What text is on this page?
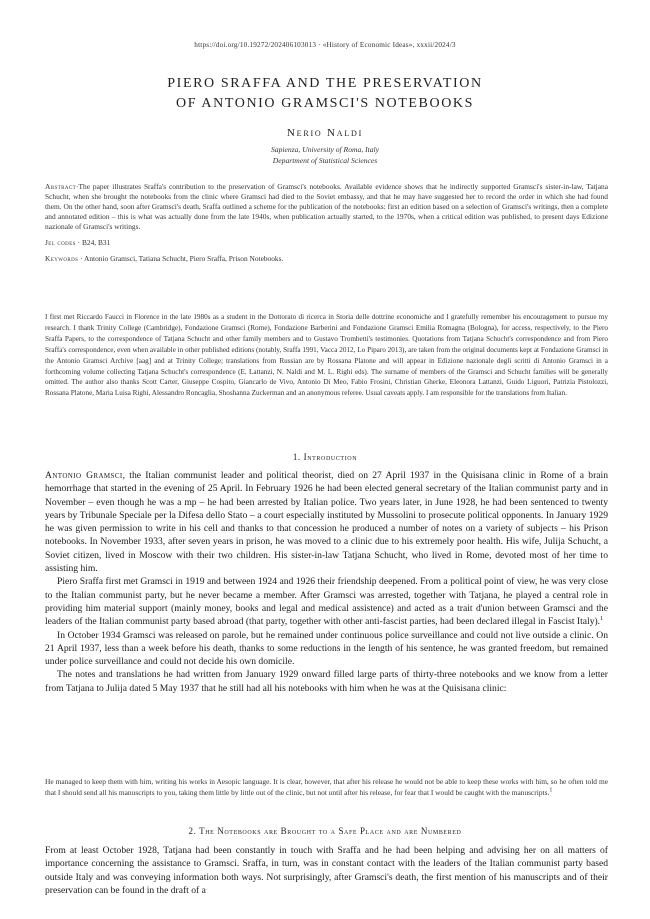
https://doi.org/10.19272/202406103013 · «History of Economic Ideas», xxxii/2024/3
PIERO SRAFFA AND THE PRESERVATION
OF ANTONIO GRAMSCI'S NOTEBOOKS
Nerio Naldi
Sapienza, University of Roma, Italy
Department of Statistical Sciences
Abstract·The paper illustrates Sraffa's contribution to the preservation of Gramsci's notebooks. Available evidence shows that he indirectly supported Gramsci's sister-in-law, Tatjana Schucht, when she brought the notebooks from the clinic where Gramsci had died to the Soviet embassy, and that he may have suggested her to record the order in which she had found them. On the other hand, soon after Gramsci's death, Sraffa outlined a scheme for the publication of the notebooks: first an edition based on a selection of Gramsci's writings, then a complete and annotated edition – this is what was actually done from the late 1940s, when publication actually started, to the 1970s, when a critical edition was published, to present days Edizione nazionale of Gramsci's writings.
Jel codes · B24, B31
Keywords · Antonio Gramsci, Tatiana Schucht, Piero Sraffa, Prison Notebooks.
I first met Riccardo Faucci in Florence in the late 1980s as a student in the Dottorato di ricerca in Storia delle dottrine economiche and I gratefully remember his encouragement to pursue my research. I thank Trinity College (Cambridge), Fondazione Gramsci (Rome), Fondazione Barberini and Fondazione Gramsci Emilia Romagna (Bologna), for access, respectively, to the Piero Sraffa Papers, to the correspondence of Tatjana Schucht and other family members and to Gustavo Trombetti's testimonies. Quotations from Tatjana Schucht's correspondence and from Piero Sraffa's correspondence, even when available in other published editions (notably, Sraffa 1991, Vacca 2012, Lo Piparo 2013), are taken from the original documents kept at Fondazione Gramsci in the Antonio Gramsci Archive [aag] and at Trinity College; translations from Russian are by Rossana Platone and will appear in Edizione nazionale degli scritti di Antonio Gramsci in a forthcoming volume collecting Tatjana Schucht's correspondence (E. Lattanzi, N. Naldi and M. L. Righi eds). The surname of members of the Gramsci and Schucht families will be generally omitted. The author also thanks Scott Carter, Giuseppe Cospito, Giancarlo de Vivo, Antonio Di Meo, Fabio Frosini, Christian Gherke, Eleonora Lattanzi, Guido Liguori, Patrizia Pistolozzi, Rossana Platone, Maria Luisa Righi, Alessandro Roncaglia, Shoshanna Zuckerman and an anonymous referee. Usual caveats apply. I am responsible for the translations from Italian.
1. Introduction

Antonio Gramsci, the Italian communist leader and political theorist, died on 27 April 1937 in the Quisisana clinic in Rome of a brain hemorrhage that started in the evening of 25 April. In February 1926 he had been elected general secretary of the Italian communist party and in November – even though he was a mp – he had been arrested by Italian police. Two years later, in June 1928, he had been sentenced to twenty years by Tribunale Speciale per la Difesa dello Stato – a court especially instituted by Mussolini to prosecute political opponents. In January 1929 he was given permission to write in his cell and thanks to that concession he produced a number of notes on a variety of subjects – his Prison notebooks. In November 1933, after seven years in prison, he was moved to a clinic due to his extremely poor health. His wife, Julija Schucht, a Soviet citizen, lived in Moscow with their two children. His sister-in-law Tatjana Schucht, who lived in Rome, devoted most of her time to assisting him.

Piero Sraffa first met Gramsci in 1919 and between 1924 and 1926 their friendship deepened. From a political point of view, he was very close to the Italian communist party, but he never became a member. After Gramsci was arrested, together with Tatjana, he played a central role in providing him material support (mainly money, books and legal and medical assistence) and acted as a trait d'union between Gramsci and the leaders of the Italian communist party based abroad (that party, together with other anti-fascist parties, had been declared illegal in Fascist Italy).$^1$

In October 1934 Gramsci was released on parole, but he remained under continuous police surveillance and could not live outside a clinic. On 21 April 1937, less than a week before his death, thanks to some reductions in the length of his sentence, he was granted freedom, but remained under police surveillance and could not decide his own domicile.

The notes and translations he had written from January 1929 onward filled large parts of thirty-three notebooks and we know from a letter from Tatjana to Julija dated 5 May 1937 that he still had all his notebooks with him when he was at the Quisisana clinic:

He managed to keep them with him, writing his works in Aesopic language. It is clear, however, that after his release he would not be able to keep these works with him, so he often told me that I should send all his manuscripts to you, taking them little by little out of the clinic, but not until after his release, for fear that I would be caught with the manuscripts.$^1$
2. The Notebooks are Brought to a Safe Place and are Numbered

From at least October 1928, Tatjana had been constantly in touch with Sraffa and he had been helping and advising her on all matters of importance concerning the assistance to Gramsci. Sraffa, in turn, was in constant contact with the leaders of the Italian communist party based outside Italy and was conveying information both ways. Not surprisingly, after Gramsci's death, the first mention of his manuscripts and of their preservation can be found in the draft of a
